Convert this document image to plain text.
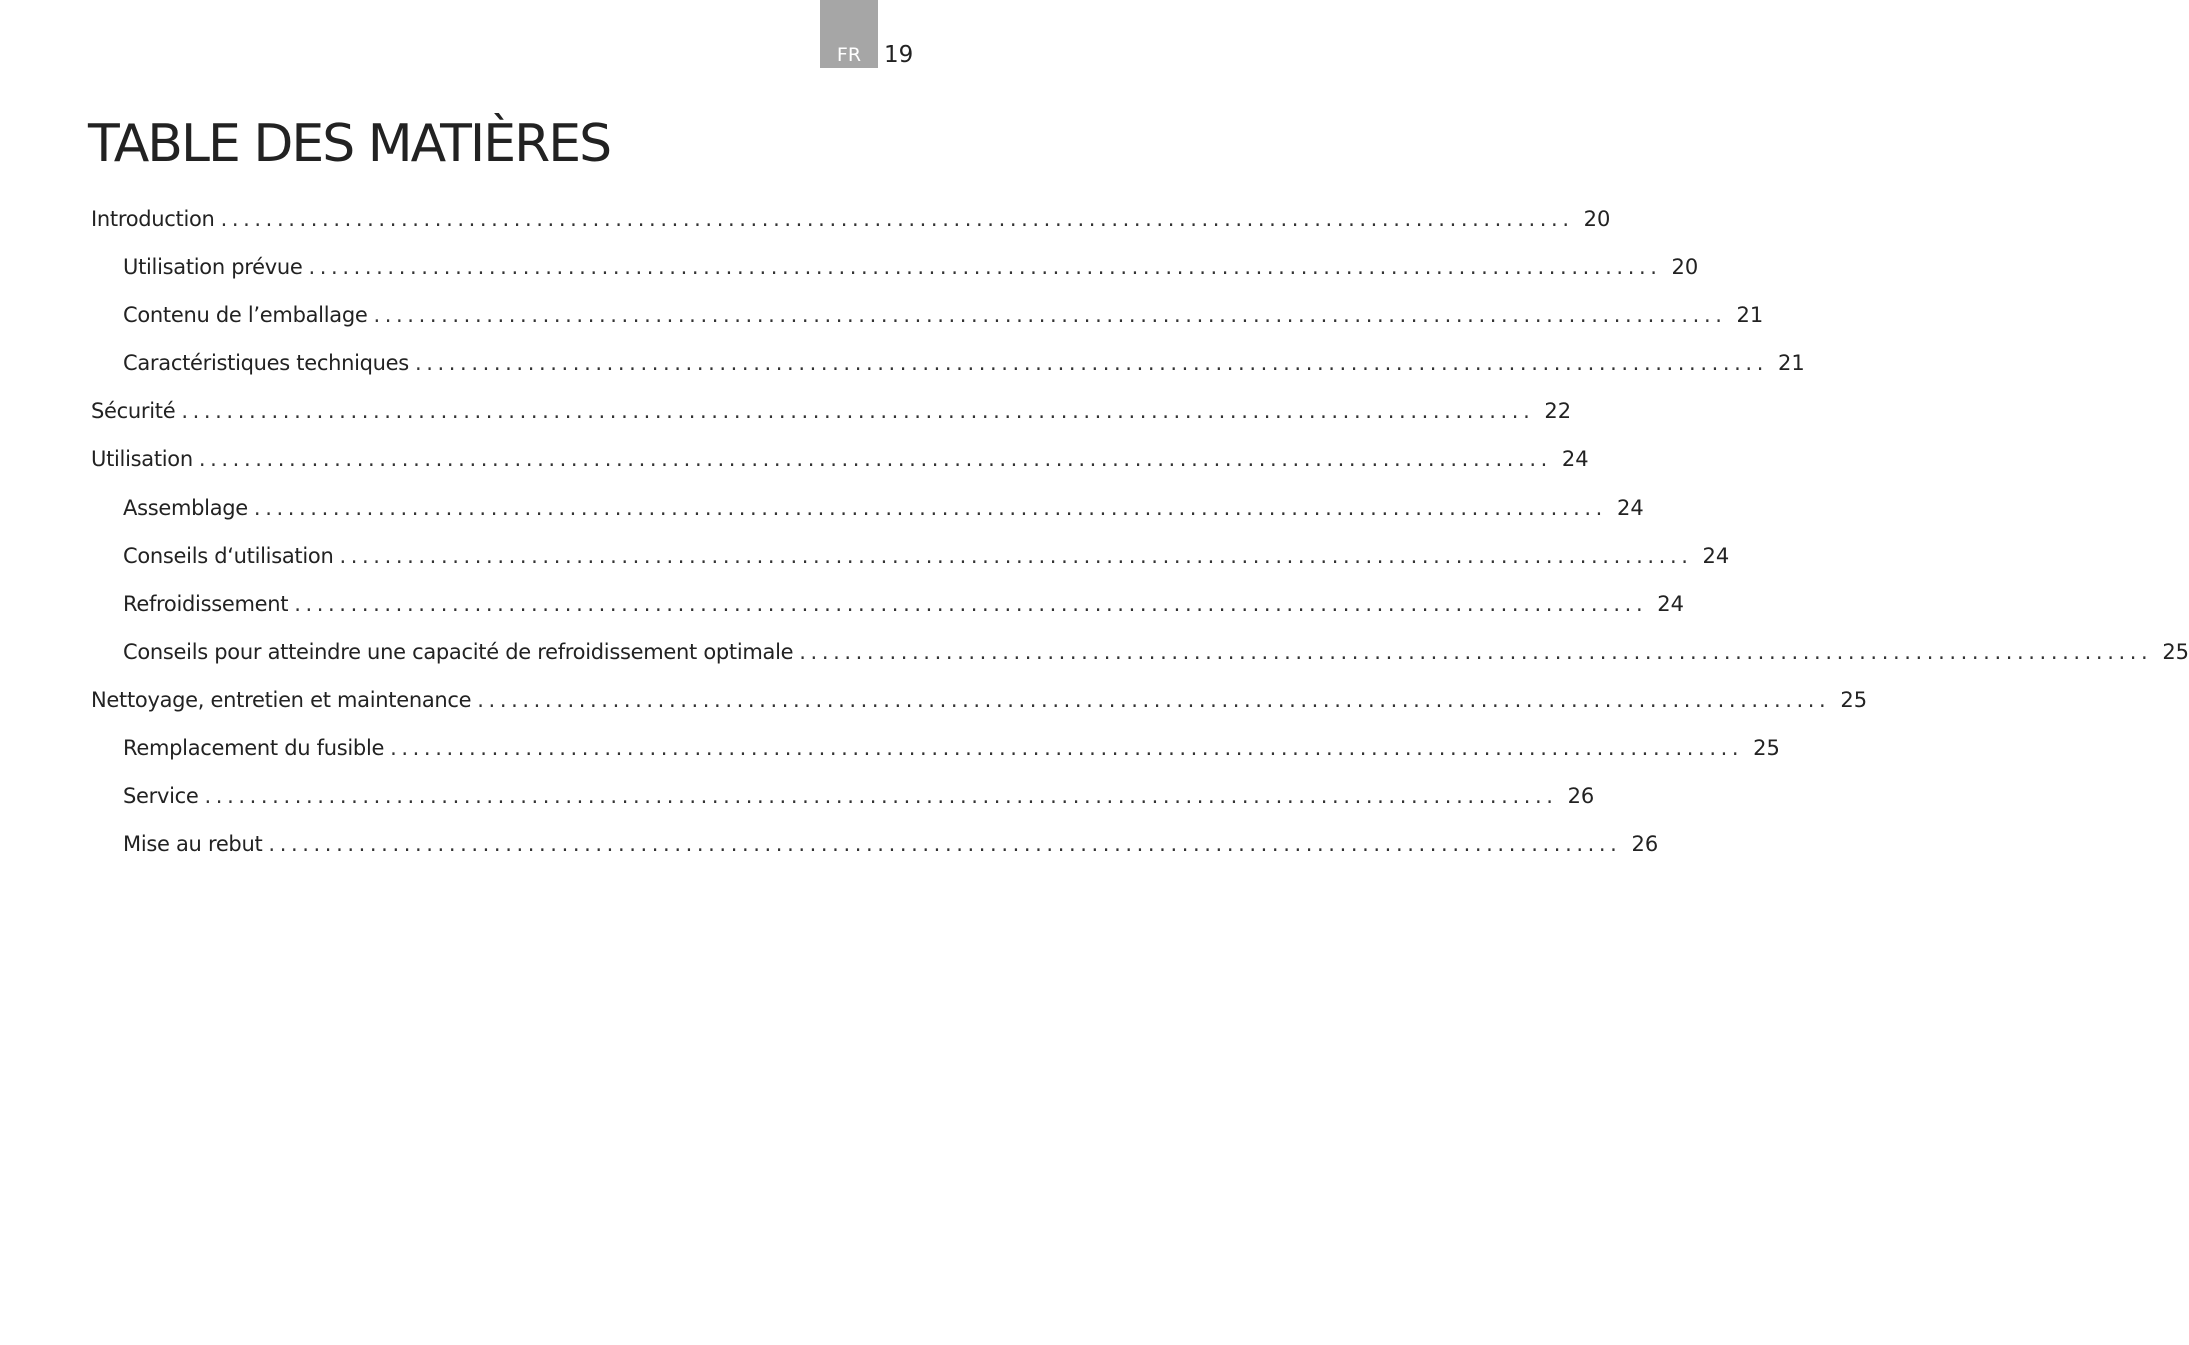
FR 19
TABLE DES MATIÈRES
Introduction ........................................................................................................................ 20
Utilisation prévue ........................................................................................................................ 20
Contenu de l’emballage ........................................................................................................................ 21
Caractéristiques techniques ........................................................................................................................ 21
Sécurité ........................................................................................................................ 22
Utilisation ........................................................................................................................ 24
Assemblage ........................................................................................................................ 24
Conseils d‘utilisation ........................................................................................................................ 24
Refroidissement ........................................................................................................................ 24
Conseils pour atteindre une capacité de refroidissement optimale ........................................................................................................................ 25
Nettoyage, entretien et maintenance ........................................................................................................................ 25
Remplacement du fusible ........................................................................................................................ 25
Service ........................................................................................................................ 26
Mise au rebut ........................................................................................................................ 26
